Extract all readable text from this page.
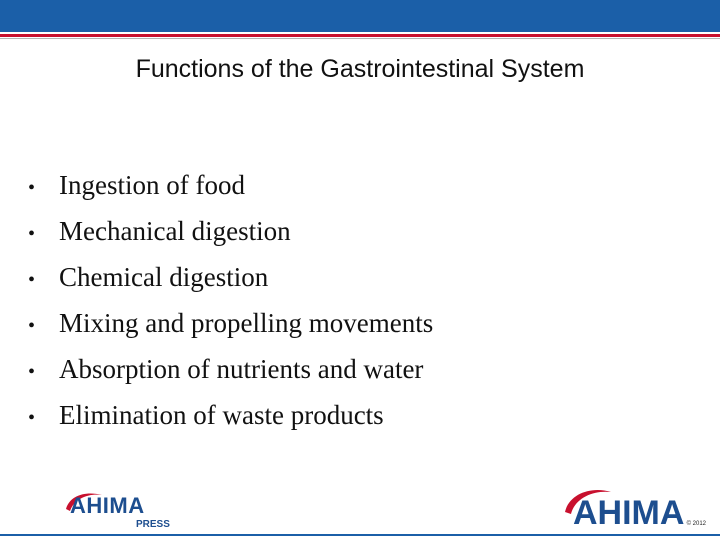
Functions of the Gastrointestinal System
• Ingestion of food
• Mechanical digestion
• Chemical digestion
• Mixing and propelling movements
• Absorption of nutrients and water
• Elimination of waste products
AHIMA
PRESS	AHIMA © 2012
